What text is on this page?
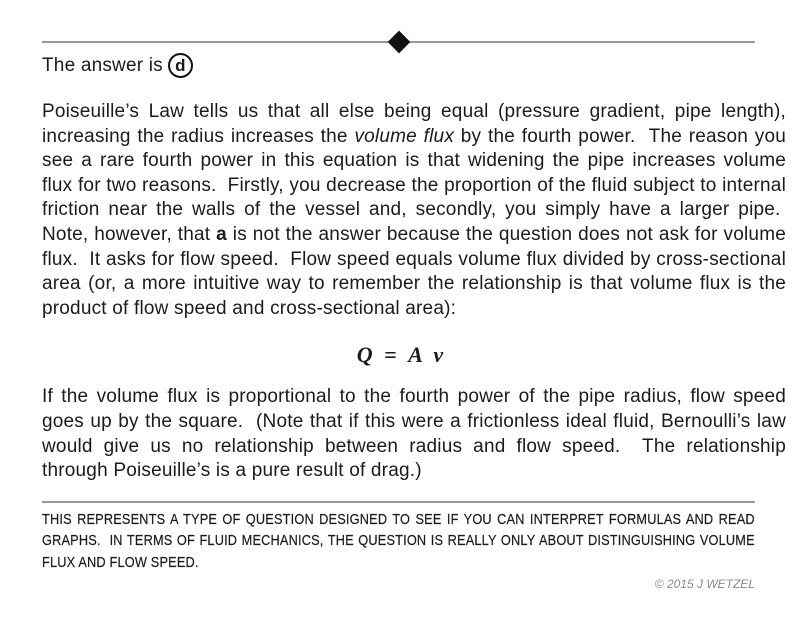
The answer is d

Poiseuille’s Law tells us that all else being equal (pressure gradient, pipe length), increasing the radius increases the volume flux by the fourth power.  The reason you see a rare fourth power in this equation is that widening the pipe increases volume flux for two reasons.  Firstly, you decrease the proportion of the fluid subject to internal friction near the walls of the vessel and, secondly, you simply have a larger pipe.  Note, however, that a is not the answer because the question does not ask for volume flux.  It asks for flow speed.  Flow speed equals volume flux divided by cross-sectional area (or, a more intuitive way to remember the relationship is that volume flux is the product of flow speed and cross-sectional area):

Q = A v

If the volume flux is proportional to the fourth power of the pipe radius, flow speed goes up by the square.  (Note that if this were a frictionless ideal fluid, Bernoulli’s law would give us no relationship between radius and flow speed.  The relationship through Poiseuille’s is a pure result of drag.)

THIS REPRESENTS A TYPE OF QUESTION DESIGNED TO SEE IF YOU CAN INTERPRET FORMULAS AND READ GRAPHS.  IN TERMS OF FLUID MECHANICS, THE QUESTION IS REALLY ONLY ABOUT DISTINGUISHING VOLUME FLUX AND FLOW SPEED.

© 2015 J WETZEL
